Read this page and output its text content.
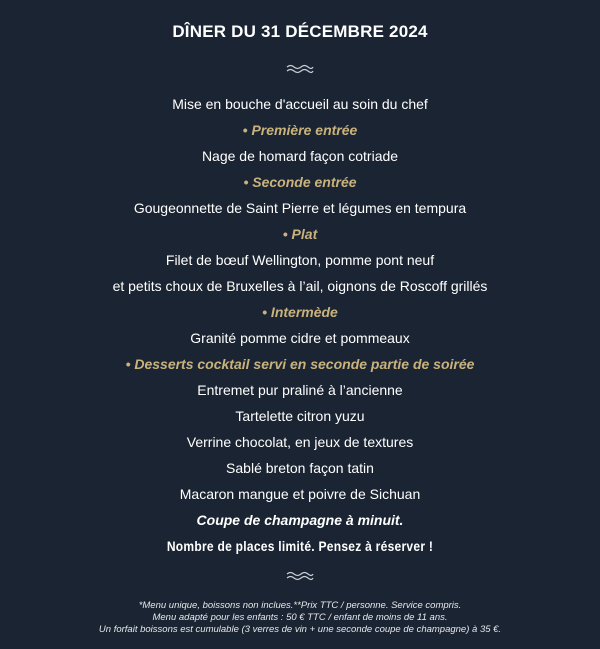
DÎNER DU 31 DÉCEMBRE 2024
Mise en bouche d'accueil au soin du chef
• Première entrée
Nage de homard façon cotriade
• Seconde entrée
Gougeonnette de Saint Pierre et légumes en tempura
• Plat
Filet de bœuf Wellington, pomme pont neuf
et petits choux de Bruxelles à l’ail, oignons de Roscoff grillés
• Intermède
Granité pomme cidre et pommeaux
• Desserts cocktail servi en seconde partie de soirée
Entremet pur praliné à l’ancienne
Tartelette citron yuzu
Verrine chocolat, en jeux de textures
Sablé breton façon tatin
Macaron mangue et poivre de Sichuan
Coupe de champagne à minuit.
Nombre de places limité. Pensez à réserver !
*Menu unique, boissons non inclues.**Prix TTC / personne. Service compris.
Menu adapté pour les enfants : 50 € TTC / enfant de moins de 11 ans.
Un forfait boissons est cumulable (3 verres de vin + une seconde coupe de champagne) à 35 €.
